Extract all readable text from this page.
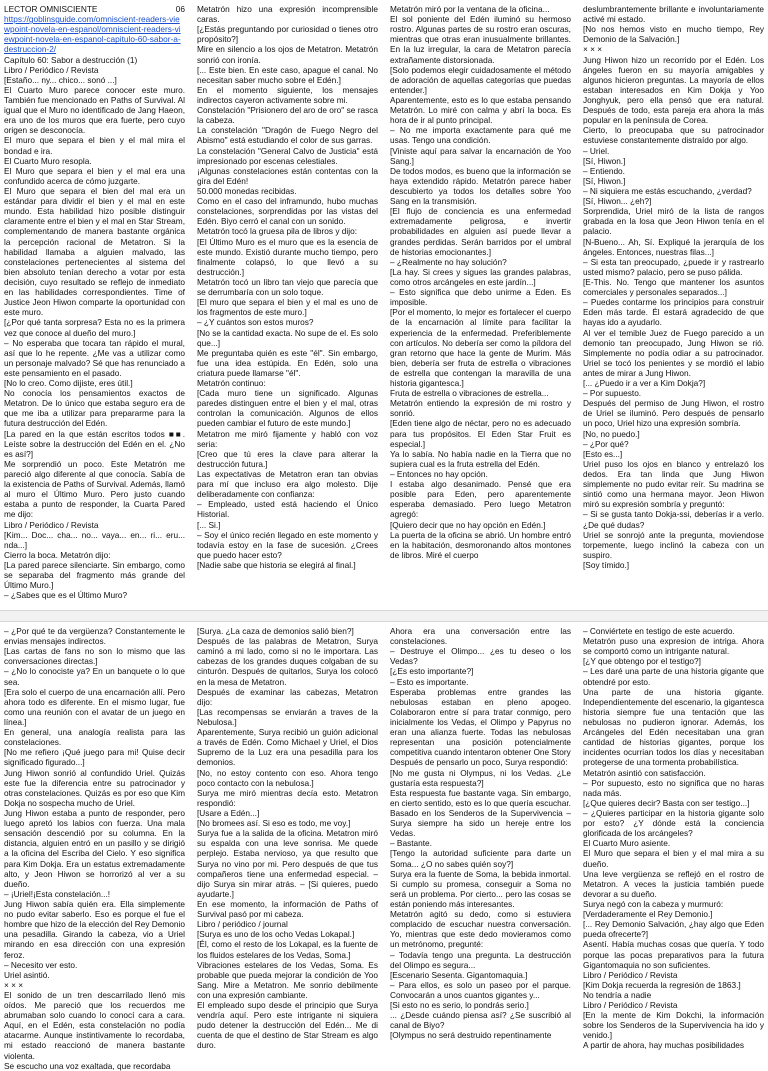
LECTOR OMNISCIENTE	06

https://goblinsguide.com/omniscient-readers-viewpoint-novela-en-espanol/omniscient-readers-viewpoint-novela-en-espanol-capitulo-60-sabor-a-destruccion-2/

Capítulo 60: Sabor a destrucción (1)

Libro / Periódico / Revista

[Estaño... ny... chico... sonó ...]

El Cuarto Muro parece conocer este muro. También fue mencionado en Paths of Survival. Al igual que el Muro no identificado de Jang Haeon, era uno de los muros que era fuerte, pero cuyo origen se desconocía.

El muro que separa el bien y el mal mira el bondad e ira.

El Cuarto Muro resopla.

El Muro que separa el bien y el mal era una confundido acerca de cómo juzgarte.

El Muro que separa el bien del mal era un estándar para dividir el bien y el mal en este mundo. Esta habilidad hizo posible distinguir claramente entre el bien y el mal en Star Stream, complementando de manera bastante orgánica la percepción racional de Metatron. Si la habilidad llamaba a alguien malvado, las constelaciones pertenecientes al sistema del bien absoluto tenían derecho a votar por esta decisión, cuyo resultado se reflejo de inmediato en las habilidades correspondientes. Time of Justice Jeon Hiwon comparte la oportunidad con este muro.

[¿Por qué tanta sorpresa? Esta no es la primera vez que conoce al dueño del muro.]

– No esperaba que tocara tan rápido el mural, así que lo he repente. ¿Me vas a utilizar como un personaje malvado? Sé que has renunciado a este pensamiento en el pasado.

[No lo creo. Como dijiste, eres útil.]

No conocía los pensamientos exactos de Metatron. De lo único que estaba seguro era de que me iba a utilizar para prepararme para la futura destrucción del Edén.

[La pared en la que están escritos todos ■■. Leíste sobre la destrucción del Edén en el. ¿No es así?]

Me sorprendió un poco. Este Metatrón me pareció algo diferente al que conocía. Sabía de la existencia de Paths of Survival. Además, llamó al muro el Último Muro. Pero justo cuando estaba a punto de responder, la Cuarta Pared me dijo:

Libro / Periódico / Revista

[Kim... Doc... cha... no... vaya... en... ri... eru... nda...]

Cierro la boca. Metatrón dijo:

[La pared parece silenciarte. Sin embargo, como se separaba del fragmento más grande del Último Muro.]

– ¿Sabes que es el Último Muro?

Metatrón hizo una expresión incomprensible caras.

[¿Estás preguntando por curiosidad o tienes otro propósito?]

Mire en silencio a los ojos de Metatron. Metatrón sonrió con ironía.

[... Este bien. En este caso, apague el canal. No necesitan saber mucho sobre el Edén.]

En el momento siguiente, los mensajes indirectos cayeron activamente sobre mi.

Constelación "Prisionero del aro de oro" se rasca la cabeza.

La constelación "Dragón de Fuego Negro del Abismo" está estudiando el color de sus garras.

La constelación "General Calvo de Justicia" está impresionado por escenas celestiales.

¡Algunas constelaciones están contentas con la gira del Edén!

50.000 monedas recibidas.

Como en el caso del inframundo, hubo muchas constelaciones, sorprendidas por las vistas del Edén. Biyo cerró el canal con un sonido.

Metatrón tocó la gruesa pila de libros y dijo:

[El Último Muro es el muro que es la esencia de este mundo. Existió durante mucho tiempo, pero finalmente colapsó, lo que llevó a su destrucción.]

Metatrón tocó un libro tan viejo que parecía que se derrumbaría con un solo toque.

[El muro que separa el bien y el mal es uno de los fragmentos de este muro.]

– ¿Y cuántos son estos muros?

[No se la cantidad exacta. No supe de el. Es solo que...]

Me preguntaba quién es este "él". Sin embargo, fue una idea estúpida. En Edén, solo una criatura puede llamarse "él".

Metatrón continuo:

[Cada muro tiene un significado. Algunas paredes distinguen entre el bien y el mal, otras controlan la comunicación. Algunos de ellos pueden cambiar el futuro de este mundo.]

Metatron me miró fijamente y habló con voz seria:

[Creo que tú eres la clave para alterar la destrucción futura.]

Las expectativas de Metatron eran tan obvias para mí que incluso era algo molesto. Dije deliberadamente con confianza:

– Empleado, usted está haciendo el Único Historial.

[... Si.]

– Soy el único recién llegado en este momento y todavía estoy en la fase de sucesión. ¿Crees que puedo hacer esto?

[Nadie sabe que historia se elegirá al final.]

Metatrón miró por la ventana de la oficina...

El sol poniente del Edén iluminó su hermoso rostro. Algunas partes de su rostro eran oscuras, mientras que otras eran inusualmente brillantes. En la luz irregular, la cara de Metatron parecía extrañamente distorsionada.

[Solo podemos elegir cuidadosamente el método de adoración de aquellas categorías que puedas entender.]

Aparentemente, esto es lo que estaba pensando Metatrón. Lo miré con calma y abrí la boca. Es hora de ir al punto principal.

– No me importa exactamente para qué me usas. Tengo una condición.

[Viniste aquí para salvar la encarnación de Yoo Sang.]

De todos modos, es bueno que la información se haya extendido rápido. Metatrón parece haber descubierto ya todos los detalles sobre Yoo Sang en la transmisión.

[El flujo de conciencia es una enfermedad extremadamente peligrosa, e invertir probabilidades en alguien así puede llevar a grandes perdidas. Serán barridos por el umbral de historias emocionantes.]

– ¿Realmente no hay solución?

[La hay. Si crees y sigues las grandes palabras, como otros arcángeles en este jardín...]

– Esto significa que debo unirme a Eden. Es imposible.

[Por el momento, lo mejor es fortalecer el cuerpo de la encarnación al límite para facilitar la experiencia de la enfermedad. Preferiblemente con artículos. No debería ser como la píldora del gran retorno que hace la gente de Murim. Más bien, debería ser fruta de estrella o vibraciones de estrella que contengan la maravilla de una historia gigantesca.]

Fruta de estrella o vibraciones de estrella...

Metatrón entiendo la expresión de mi rostro y sonrió.

[Eden tiene algo de néctar, pero no es adecuado para tus propósitos. El Eden Star Fruit es especial.]

Ya lo sabía. No había nadie en la Tierra que no supiera cual es la fruta estrella del Edén.

– Entonces no hay opción.

I estaba algo desanimado. Pensé que era posible para Eden, pero aparentemente esperaba demasiado. Pero luego Metatron agregó:

[Quiero decir que no hay opción en Edén.]

La puerta de la oficina se abrió. Un hombre entró en la habitación, desmoronando altos montones de libros. Miré el cuerpo

deslumbrantemente brillante e involuntariamente activé mi estado.

[No nos hemos visto en mucho tiempo, Rey Demonio de la Salvación.]

× × ×

Jung Hiwon hizo un recorrido por el Edén. Los ángeles fueron en su mayoría amigables y algunos hicieron preguntas. La mayoría de ellos estaban interesados en Kim Dokja y Yoo Jonghyuk, pero ella pensó que era natural. Después de todo, esta pareja era ahora la más popular en la península de Corea.

Cierto, lo preocupaba que su patrocinador estuviese constantemente distraído por algo.

– Uriel.

[Sí, Hiwon.]

– Entiendo.

[Sí, Hiwon.]

– Ni siquiera me estás escuchando, ¿verdad?

[Sí, Hiwon... ¿eh?]

Sorprendida, Uriel miró de la lista de rangos grabada en la losa que Jeon Hiwon tenía en el palacio.

[N-Bueno... Ah, Sí. Expliqué la jerarquía de los ángeles. Entonces, nuestras filas...]

– Si esta tan preocupado, ¿puede ir y rastrearlo usted mismo? palacio, pero se puso pálida.

[E-This. No. Tengo que mantener los asuntos comerciales y personales separados...]

– Puedes contarme los principios para construir Eden más tarde. Él estará agradecido de que hayas ido a ayudarlo.

Al ver el temible Juez de Fuego parecido a un demonio tan preocupado, Jung Hiwon se rió. Simplemente no podía odiar a su patrocinador. Uriel se tocó los penientes y se mordió el labio antes de mirar a Jung Hiwon.

[... ¿Puedo ir a ver a Kim Dokja?]

– Por supuesto.

Después del permiso de Jung Hiwon, el rostro de Uriel se iluminó. Pero después de pensarlo un poco, Uriel hizo una expresión sombría.

[No, no puedo.]

– ¿Por qué?

[Esto es...]

Uriel puso los ojos en blanco y entrelazó los dedos. Era tan linda que Jung Hiwon simplemente no pudo evitar reír. Su madrina se sintió como una hermana mayor. Jeon Hiwon miró su expresión sombría y preguntó:

– Si se gusta tanto Dokja-ssi, deberías ir a verlo. ¿De qué dudas?

Uriel se sonrojó ante la pregunta, moviendose torpemente, luego inclinó la cabeza con un suspiro.

[Soy tímido.]

– ¿Por qué te da vergüenza? Constantemente le envias mensajes indirectos.

[Las cartas de fans no son lo mismo que las conversaciones directas.]

– ¿No lo conociste ya? En un banquete o lo que sea.

[Era solo el cuerpo de una encarnación allí. Pero ahora todo es diferente. En el mismo lugar, fue como una reunión con el avatar de un juego en línea.]

En general, una analogía realista para las constelaciones.

[No me refiero ¡Qué juego para mi! Quise decir significado figurado...]

Jung Hiwon sonrió al confundido Uriel. Quizás este fue la diferencia entre su patrocinador y otras constelaciones. Quizás es por eso que Kim Dokja no sospecha mucho de Uriel.

Jung Hiwon estaba a punto de responder, pero luego apretó los labios con fuerza. Una mala sensación descendió por su columna. En la distancia, alguien entró en un pasillo y se dirigió a la oficina del Escriba del Cielo. Y eso significa para Kim Dokja. Era un estatus extremadamente alto, y Jeon Hiwon se horrorizó al ver a su dueño.

– ¡Uriel!¡Esta constelación...!

Jung Hiwon sabía quién era. Ella simplemente no pudo evitar saberlo. Eso es porque el fue el hombre que hizo de la elección del Rey Demonio una pesadilla. Girando la cabeza, vio a Uriel mirando en esa dirección con una expresión feroz.

– Necesito ver esto.

Uriel asintió.

× × ×

El sonido de un tren descarrilado llenó mis oídos. Me pareció que los recuerdos me abrumaban solo cuando lo conocí cara a cara. Aquí, en el Edén, esta constelación no podía atacarme. Aunque instintivamente lo recordaba, mi estado reaccionó de manera bastante violenta.

Se escucho una voz exaltada, que recordaba

[Surya. ¿La caza de demonios salió bien?]

Después de las palabras de Metatron, Surya caminó a mi lado, como si no le importara. Las cabezas de los grandes duques colgaban de su cinturón. Después de quitarlos, Surya los colocó en la mesa de Metatron.

Después de examinar las cabezas, Metatron dijo:

[Las recompensas se enviarán a traves de la Nebulosa.]

Aparentemente, Surya recibió un guión adicional a través de Edén. Como Michael y Uriel, el Dios Supremo de la Luz era una pesadilla para los demonios.

[No, no estoy contento con eso. Ahora tengo poco contacto con la nebulosa.]

Surya me miró mientras decía esto. Metatron respondió:

[Usare a Edén...]

[No bromees así. Si eso es todo, me voy.]

Surya fue a la salida de la oficina. Metatron miró su espalda con una leve sonrisa. Me quede perplejo. Estaba nervioso, ya que resulto que Surya no vino por mi. Pero después de que tus compañeros tiene una enfermedad especial. – dijo Surya sin mirar atrás. – [Si quieres, puedo ayudarte.]

En ese momento, la información de Paths of Survival pasó por mi cabeza.

Libro / periódico / journal

[Surya es uno de los ocho Vedas Lokapal.]

[Él, como el resto de los Lokapal, es la fuente de los fluidos estelares de los Vedas, Soma.]

Vibraciones estelares de los Vedas, Soma. Es probable que pueda mejorar la condición de Yoo Sang. Mire a Metatron. Me sonrio debilmente con una expresión cambiante.

El empleado supo desde el principio que Surya vendría aquí. Pero este intrigante ni siquiera pudo detener la destrucción del Edén... Me di cuenta de que el destino de Star Stream es algo duro.

Ahora era una conversación entre las constelaciones.

– Destruye el Olimpo... ¿es tu deseo o los Vedas?

[¿Es esto importante?]

– Esto es importante.

Esperaba problemas entre grandes las nebulosas estaban en pleno apogeo. Colaboraron entre sí para tratar conmigo, pero inicialmente los Vedas, el Olimpo y Papyrus no eran una alianza fuerte. Todas las nebulosas representan una posición potencialmente competitiva cuando intentaron obtener One Story

Después de pensarlo un poco, Surya respondió:

[No me gusta ni Olympus, ni los Vedas. ¿Le gustaría esta respuesta?]

Esta respuesta fue bastante vaga. Sin embargo, en cierto sentido, esto es lo que quería escuchar. Basado en los Senderos de la Supervivencia – Surya siempre ha sido un hereje entre los Vedas.

– Bastante.

[Tengo la autoridad suficiente para darte un Soma... ¿O no sabes quién soy?]

Surya era la fuente de Soma, la bebida inmortal. Si cumplo su promesa, conseguir a Soma no será un problema. Por cierto... pero las cosas se están poniendo más interesantes.

Metatrón agitó su dedo, como si estuviera complacido de escuchar nuestra conversación. Yo, mientras que este dedo movieramos como un metrónomo, pregunté:

– Todavía tengo una pregunta. La destrucción del Olimpo es segura...

[Escenario Sesenta. Gigantomaquia.]

– Para ellos, es solo un paseo por el parque. Convocarán a unos cuantos gigantes y...

[Si esto no es serio, lo pondrás serio.]

... ¿Desde cuándo piensa así? ¿Se suscribió al canal de Biyo?

[Olympus no será destruido repentinamente

– Conviértete en testigo de este acuerdo.

Metatrón puso una expresion de intriga. Ahora se comportó como un intrigante natural.

[¿Y que obtengo por el testigo?]

– Les daré una parte de una historia gigante que obtendré por esto.

Una parte de una historia gigante. Independientemente del escenario, la gigantesca historia siempre fue una tentación que las nebulosas no pudieron ignorar. Además, los Arcángeles del Edén necesitaban una gran cantidad de historias gigantes, porque los incidentes ocurrian todos los días y necesitaban protegerse de una tormenta probabilística.

Metatrón asintió con satisfacción.

– Por supuesto, esto no significa que no haras nada más.

[¿Que quieres decir? Basta con ser testigo...]

– ¿Quieres participar en la historia gigante solo por esto? ¿Y dónde está la conciencia glorificada de los arcángeles?

El Cuarto Muro asiente.

El Muro que separa el bien y el mal mira a su dueño.

Una leve vergüenza se reflejó en el rostro de Metatron. A veces la justicia también puede devorar a su dueño.

Surya negó con la cabeza y murmuró:

[Verdaderamente el Rey Demonio.]

[... Rey Demonio Salvación, ¿hay algo que Eden pueda ofrecerte?]

Asentí. Había muchas cosas que quería. Y todo porque las pocas preparativos para la futura Gigantomaquia no son suficientes.

Libro / Periódico / Revista

[Kim Dokja recuerda la regresión de 1863.]

No tendría a nadie

Libro / Periódico / Revista

[En la mente de Kim Dokchi, la información sobre los Senderos de la Supervivencia ha ido y venido.]

A partir de ahora, hay muchas posibilidades
